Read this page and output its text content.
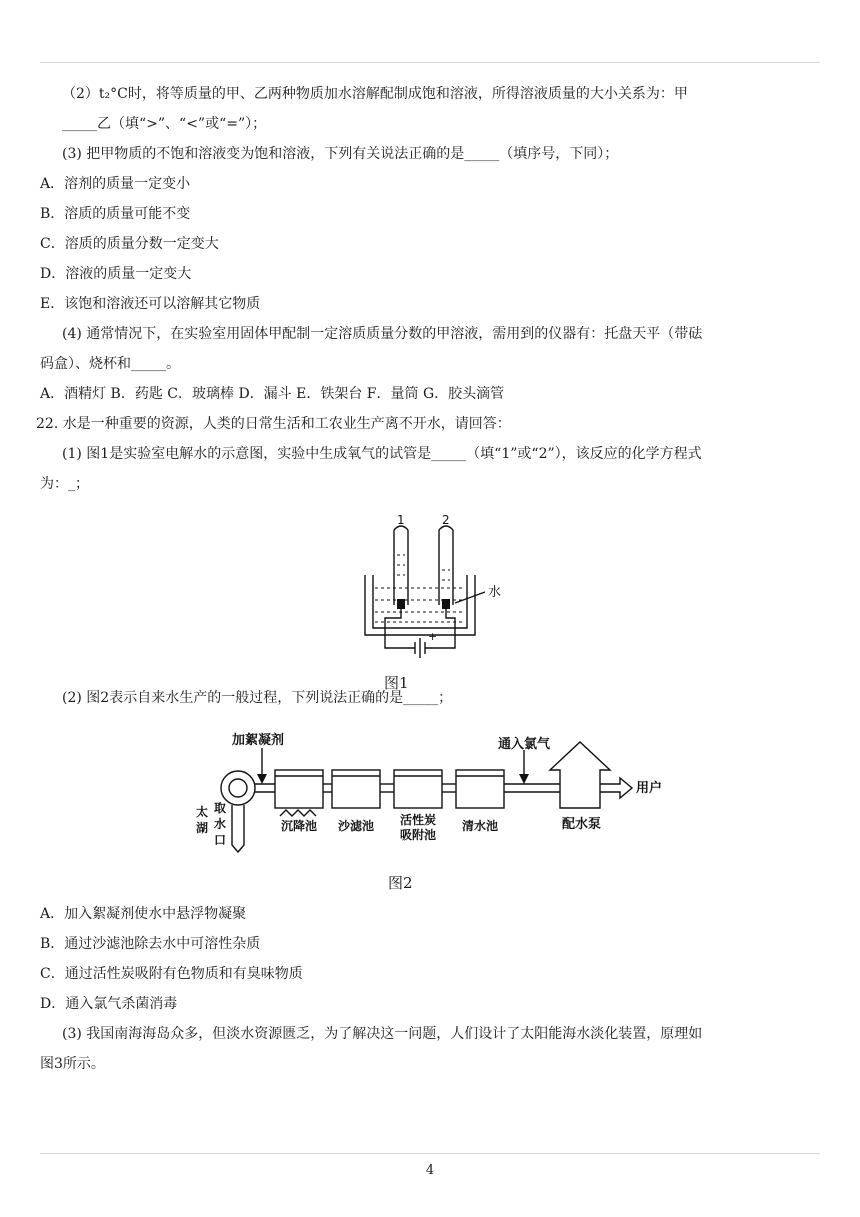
（2）t₂°C时，将等质量的甲、乙两种物质加水溶解配制成饱和溶液，所得溶液质量的大小关系为：甲
_____乙（填“>”、“<”或“=”）；
(3) 把甲物质的不饱和溶液变为饱和溶液，下列有关说法正确的是_____（填序号，下同）；
A．溶剂的质量一定变小
B．溶质的质量可能不变
C．溶质的质量分数一定变大
D．溶液的质量一定变大
E．该饱和溶液还可以溶解其它物质
(4) 通常情况下，在实验室用固体甲配制一定溶质质量分数的甲溶液，需用到的仪器有：托盘天平（带砝
码盒）、烧杯和_____。
A．酒精灯 B．药匙 C．玻璃棒 D．漏斗 E．铁架台 F．量筒 G．胶头滴管
22. 水是一种重要的资源，人类的日常生活和工农业生产离不开水，请回答：
(1) 图1是实验室电解水的示意图，实验中生成氧气的试管是_____（填“1”或“2”），该反应的化学方程式
为：_；
+
1	2
水
图1
(2) 图2表示自来水生产的一般过程，下列说法正确的是_____；
加絮凝剂	通入氯气
用户
配水泵
沉降池 沙滤池 活性炭
吸附池
清水池
太
湖
取
水
口
图2
A．加入絮凝剂使水中悬浮物凝聚
B．通过沙滤池除去水中可溶性杂质
C．通过活性炭吸附有色物质和有臭味物质
D．通入氯气杀菌消毒
(3) 我国南海海岛众多，但淡水资源匮乏，为了解决这一问题，人们设计了太阳能海水淡化装置，原理如
图3所示。
4
